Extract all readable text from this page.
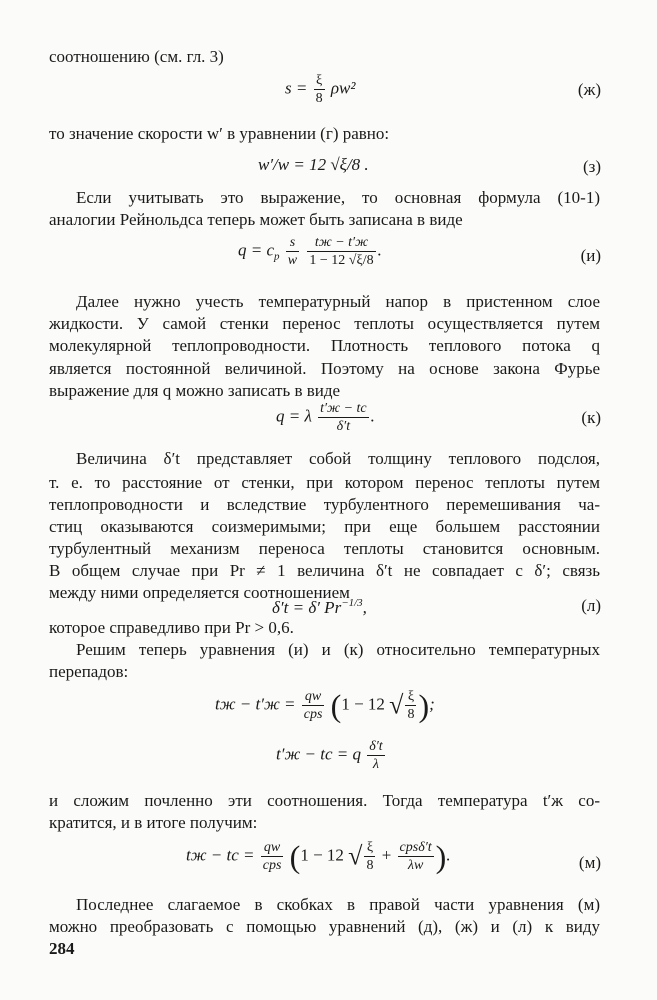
соотношению (см. гл. 3)

$s = \frac{\xi}{8} \rho w^2$	(ж)

то значение скорости w′ в уравнении (г) равно:

w′/w = 12 √ξ/8 .	(з)

Если учитывать это выражение, то основная формула (10-1)

аналогии Рейнольдса теперь может быть записана в виде

$q = c_p \frac{s}{w}$
$\frac{tж - t'ж}{1 - 12 √\xi/8}$ .	(и)

Далее нужно учесть температурный напор в пристенном слое

жидкости. У самой стенки перенос теплоты осуществляется путем

молекулярной теплопроводности. Плотность теплового потока q

является постоянной величиной. Поэтому на основе закона Фурье

выражение для q можно записать в виде

q = λ $\frac{t'ж - tс}{\delta't}$ .	(к)

Величина δ′t представляет собой толщину теплового подслоя,

т. е. то расстояние от стенки, при котором перенос теплоты путем

теплопроводности и вследствие турбулентного перемешивания ча-

стиц оказываются соизмеримыми; при еще большем расстоянии

турбулентный механизм переноса теплоты становится основным.

В общем случае при Pr ≠ 1 величина δ′t не совпадает с δ′; связь

между ними определяется соотношением

δ′t = δ′ $Pr^{-1/3}$,	(л)

которое справедливо при Pr > 0,6.

Решим теперь уравнения (и) и (к) относительно температурных

перепадов:

tж − $t'ж = \frac{qw}{\text{cps}} (1 - 12$ √ $\frac{\xi}{8}$ );
t′ж − tс = q $\frac{\delta't}{\lambda}$

и сложим почленно эти соотношения. Тогда температура t′ж со-

кратится, и в итоге получим:

tж − tс = $\frac{qw}{\text{cps}} (1 - 12$ √ $\frac{\xi}{8} + \frac{\text{cpsδ′t}}{\lambda w}$ ).	(м)

Последнее слагаемое в скобках в правой части уравнения (м)

можно преобразовать с помощью уравнений (д), (ж) и (л) к виду

284
